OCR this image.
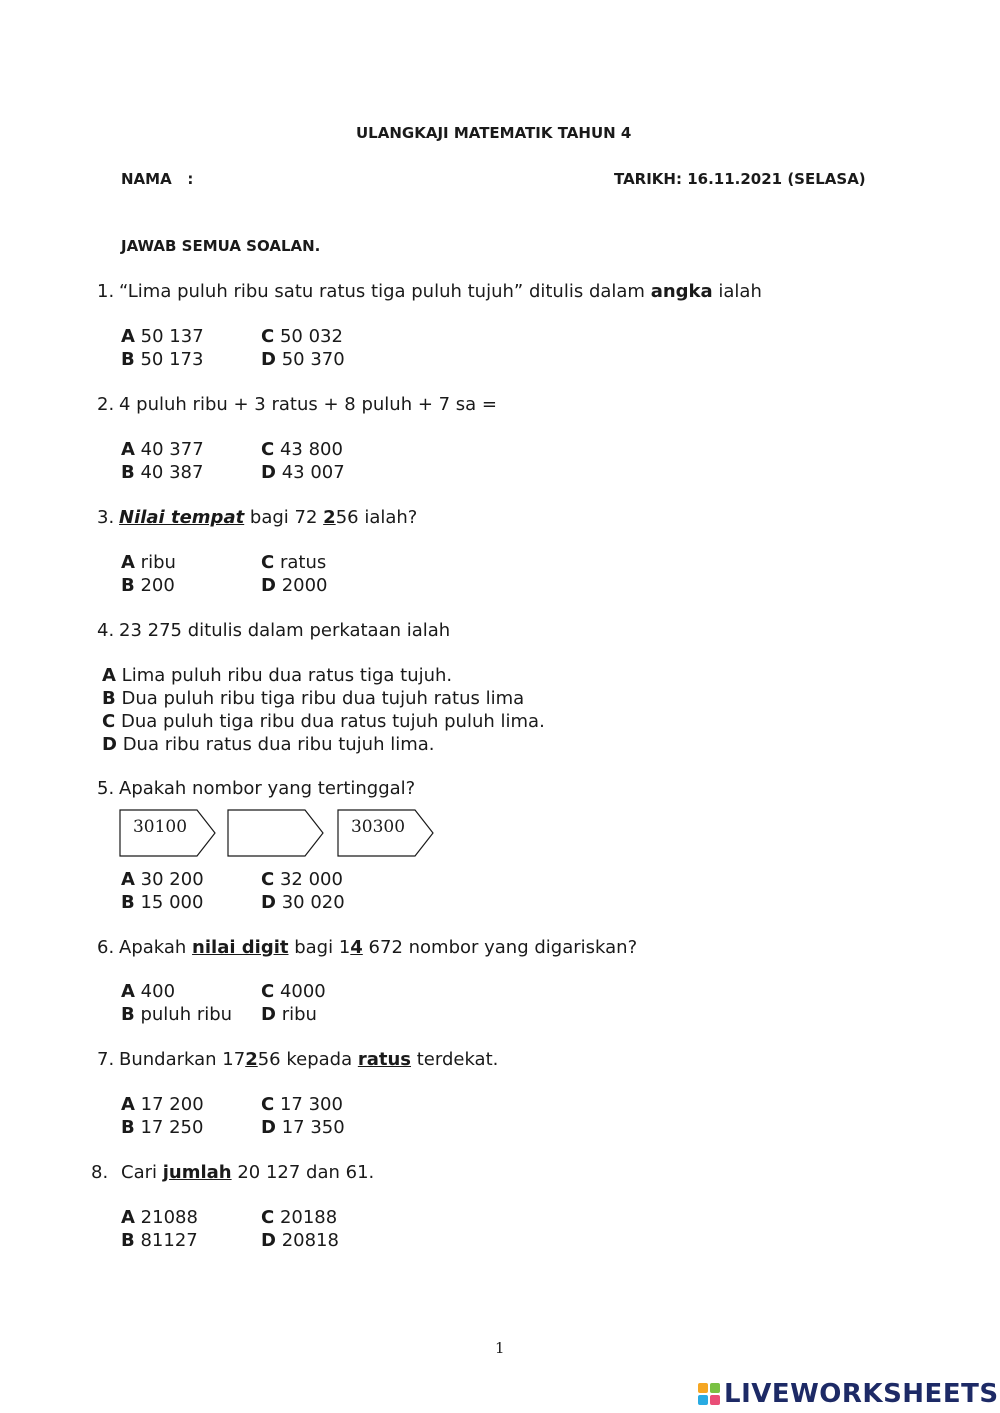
ULANGKAJI MATEMATIK TAHUN 4
NAMA :	TARIKH: 16.11.2021 (SELASA)
JAWAB SEMUA SOALAN.
1. “Lima puluh ribu satu ratus tiga puluh tujuh” ditulis dalam angka ialah
A 50 137
B 50 173
C 50 032
D 50 370
2. 4 puluh ribu + 3 ratus + 8 puluh + 7 sa =
A 40 377
B 40 387
C 43 800
D 43 007
3. Nilai tempat bagi 72 256 ialah?
A ribu
B 200
C ratus
D 2000
4. 23 275 ditulis dalam perkataan ialah
A Lima puluh ribu dua ratus tiga tujuh.
B Dua puluh ribu tiga ribu dua tujuh ratus lima
C Dua puluh tiga ribu dua ratus tujuh puluh lima.
D Dua ribu ratus dua ribu tujuh lima.
5. Apakah nombor yang tertinggal?
30100	30300
A 30 200
B 15 000
C 32 000
D 30 020
6. Apakah nilai digit bagi 14 672 nombor yang digariskan?
A 400
B puluh ribu
C 4000
D ribu
7. Bundarkan 17256 kepada ratus terdekat.
A 17 200
B 17 250
C 17 300
D 17 350
8. Cari jumlah 20 127 dan 61.
A 21088
B 81127
C 20188
D 20818
1
LIVEWORKSHEETS
